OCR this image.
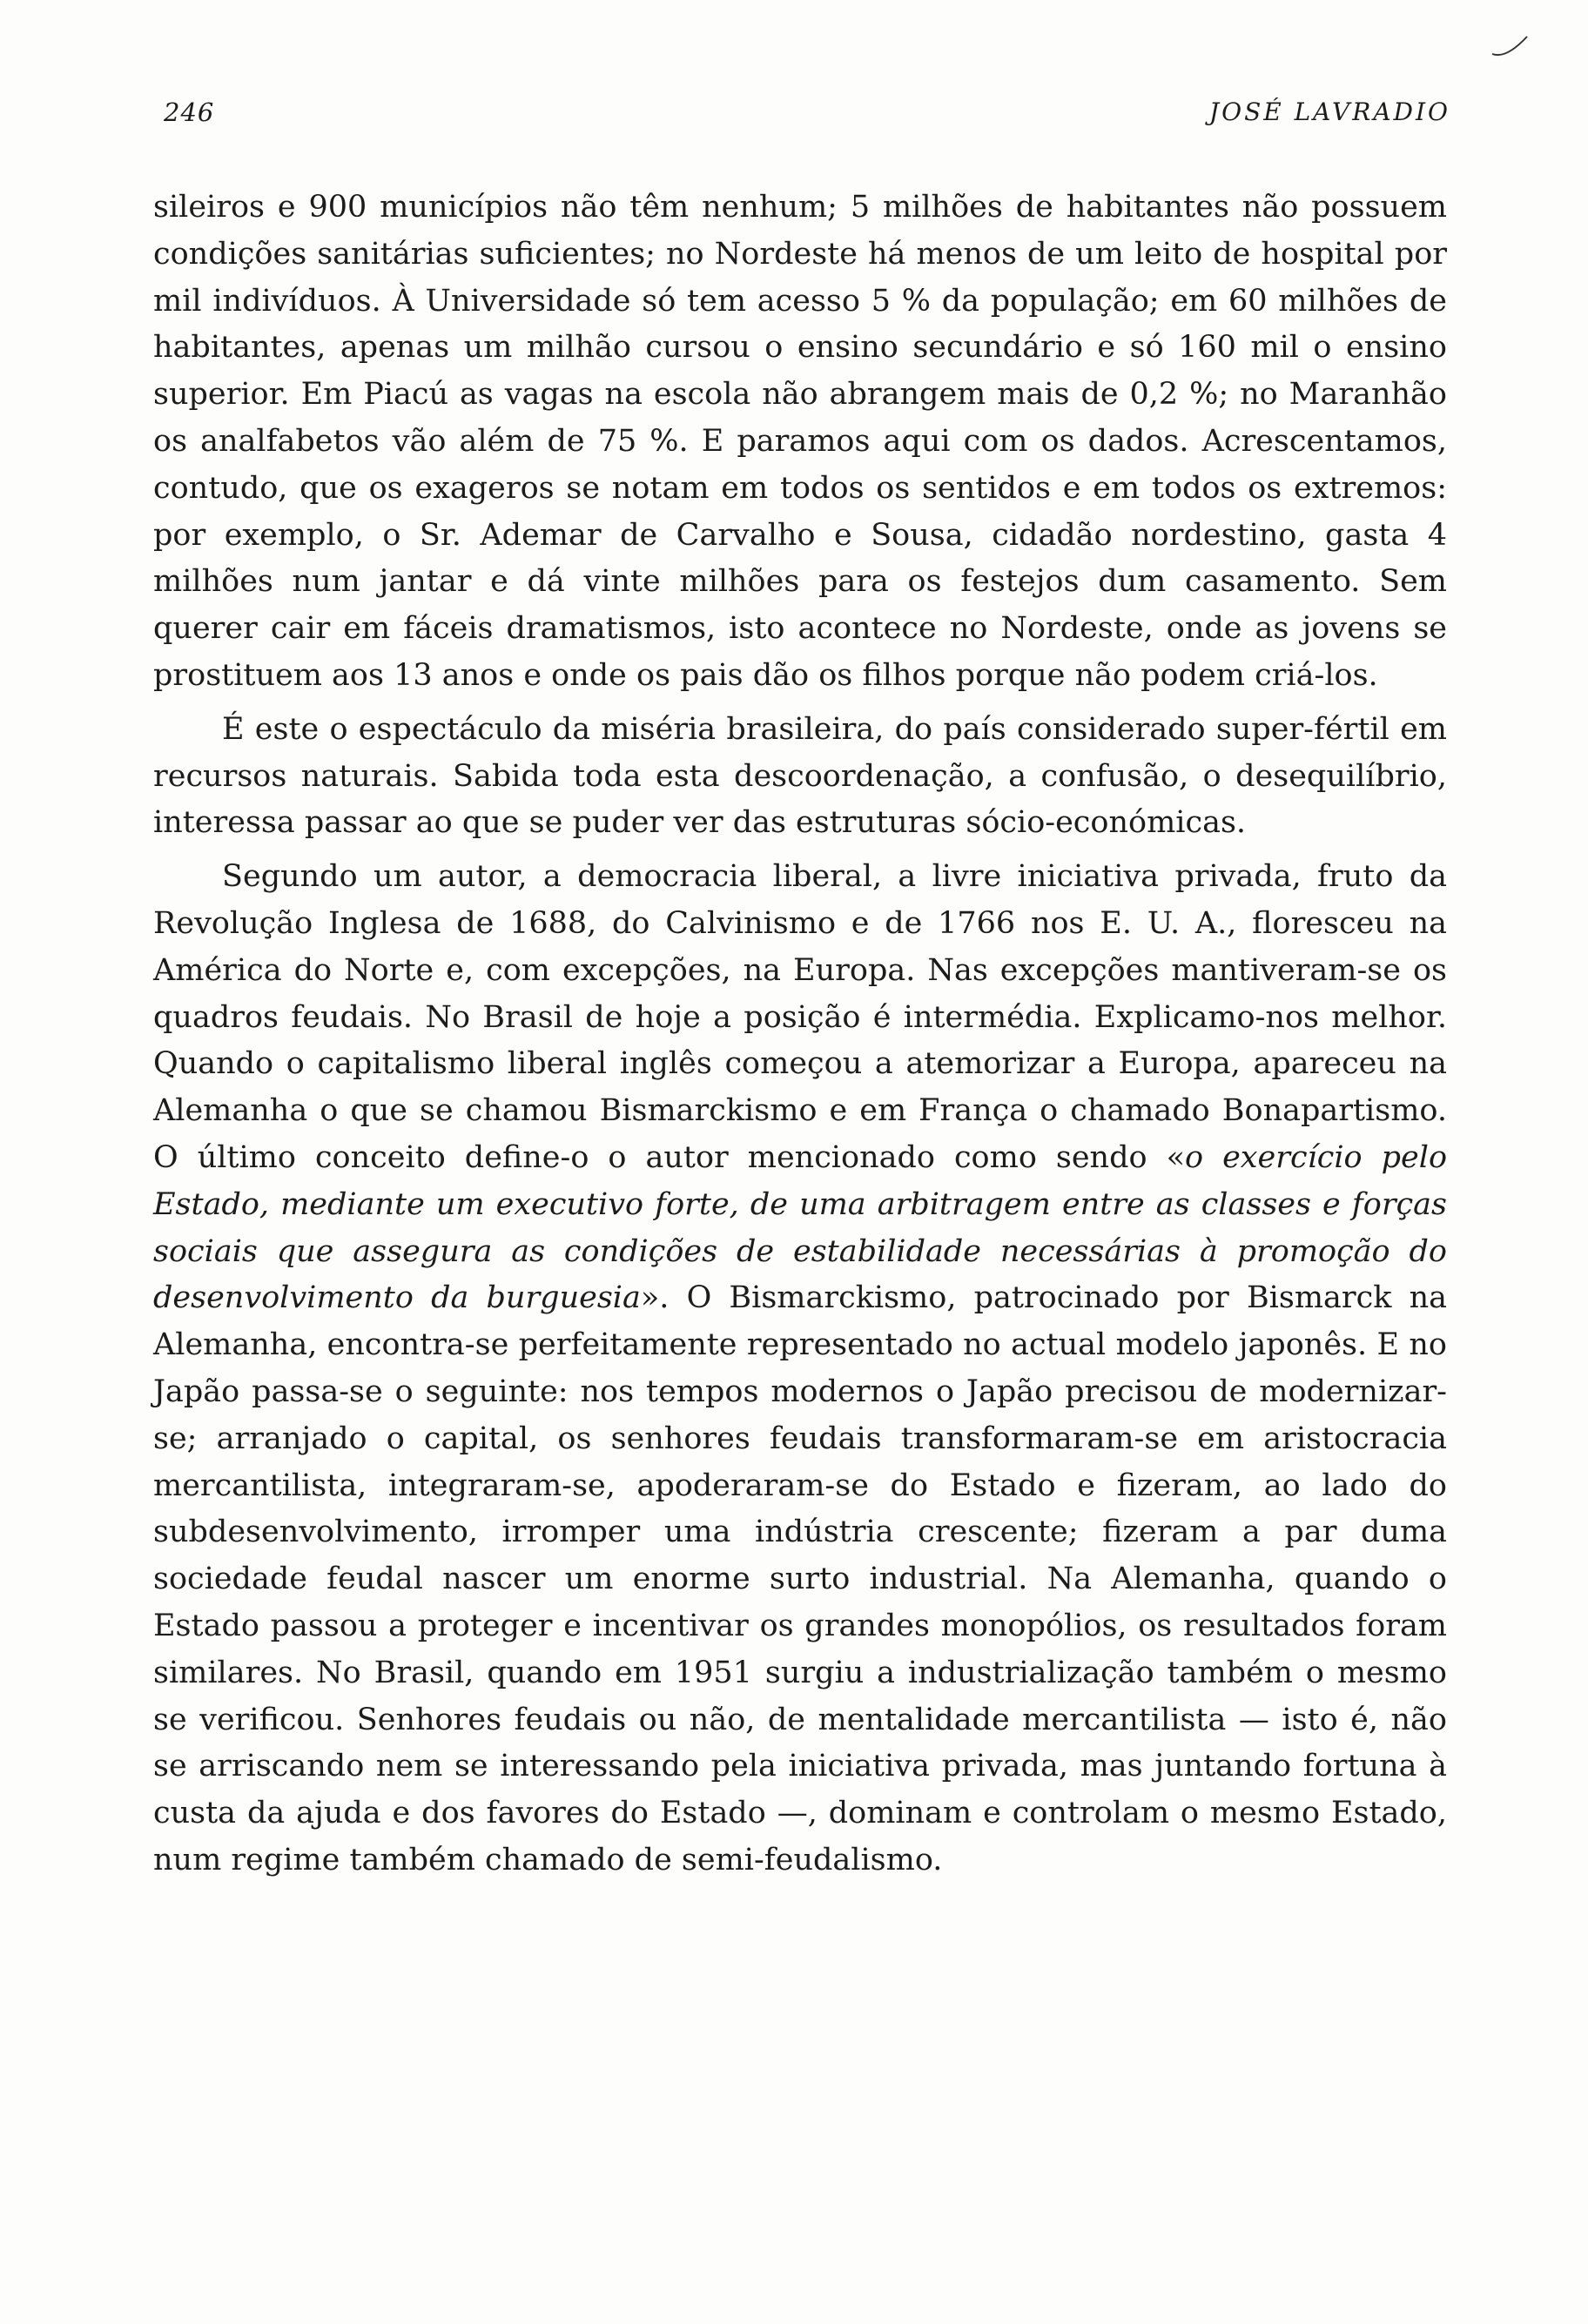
246	JOSÉ LAVRADIO

sileiros e 900 municípios não têm nenhum; 5 milhões de habitantes não possuem condições sanitárias suficientes; no Nordeste há menos de um leito de hospital por mil indivíduos. À Universidade só tem acesso 5 % da população; em 60 milhões de habitantes, apenas um milhão cursou o ensino secundário e só 160 mil o ensino superior. Em Piacú as vagas na escola não abrangem mais de 0,2 %; no Maranhão os analfabetos vão além de 75 %. E paramos aqui com os dados. Acrescentamos, contudo, que os exageros se notam em todos os sentidos e em todos os extremos: por exemplo, o Sr. Ademar de Carvalho e Sousa, cidadão nordestino, gasta 4 milhões num jantar e dá vinte milhões para os festejos dum casamento. Sem querer cair em fáceis dramatismos, isto acontece no Nordeste, onde as jovens se prostituem aos 13 anos e onde os pais dão os filhos porque não podem criá-los.

É este o espectáculo da miséria brasileira, do país considerado super-fértil em recursos naturais. Sabida toda esta descoordenação, a confusão, o desequilíbrio, interessa passar ao que se puder ver das estruturas sócio-económicas.

Segundo um autor, a democracia liberal, a livre iniciativa privada, fruto da Revolução Inglesa de 1688, do Calvinismo e de 1766 nos E. U. A., floresceu na América do Norte e, com excepções, na Europa. Nas excepções mantiveram-se os quadros feudais. No Brasil de hoje a posição é intermédia. Explicamo-nos melhor. Quando o capitalismo liberal inglês começou a atemorizar a Europa, apareceu na Alemanha o que se chamou Bismarckismo e em França o chamado Bonapartismo. O último conceito define-o o autor mencionado como sendo «o exercício pelo Estado, mediante um executivo forte, de uma arbitragem entre as classes e forças sociais que assegura as condições de estabilidade necessárias à promoção do desenvolvimento da burguesia». O Bismarckismo, patrocinado por Bismarck na Alemanha, encontra-se perfeitamente representado no actual modelo japonês. E no Japão passa-se o seguinte: nos tempos modernos o Japão precisou de modernizar-se; arranjado o capital, os senhores feudais transformaram-se em aristocracia mercantilista, integraram-se, apoderaram-se do Estado e fizeram, ao lado do subdesenvolvimento, irromper uma indústria crescente; fizeram a par duma sociedade feudal nascer um enorme surto industrial. Na Alemanha, quando o Estado passou a proteger e incentivar os grandes monopólios, os resultados foram similares. No Brasil, quando em 1951 surgiu a industrialização também o mesmo se verificou. Senhores feudais ou não, de mentalidade mercantilista — isto é, não se arriscando nem se interessando pela iniciativa privada, mas juntando fortuna à custa da ajuda e dos favores do Estado —, dominam e controlam o mesmo Estado, num regime também chamado de semi-feudalismo.
